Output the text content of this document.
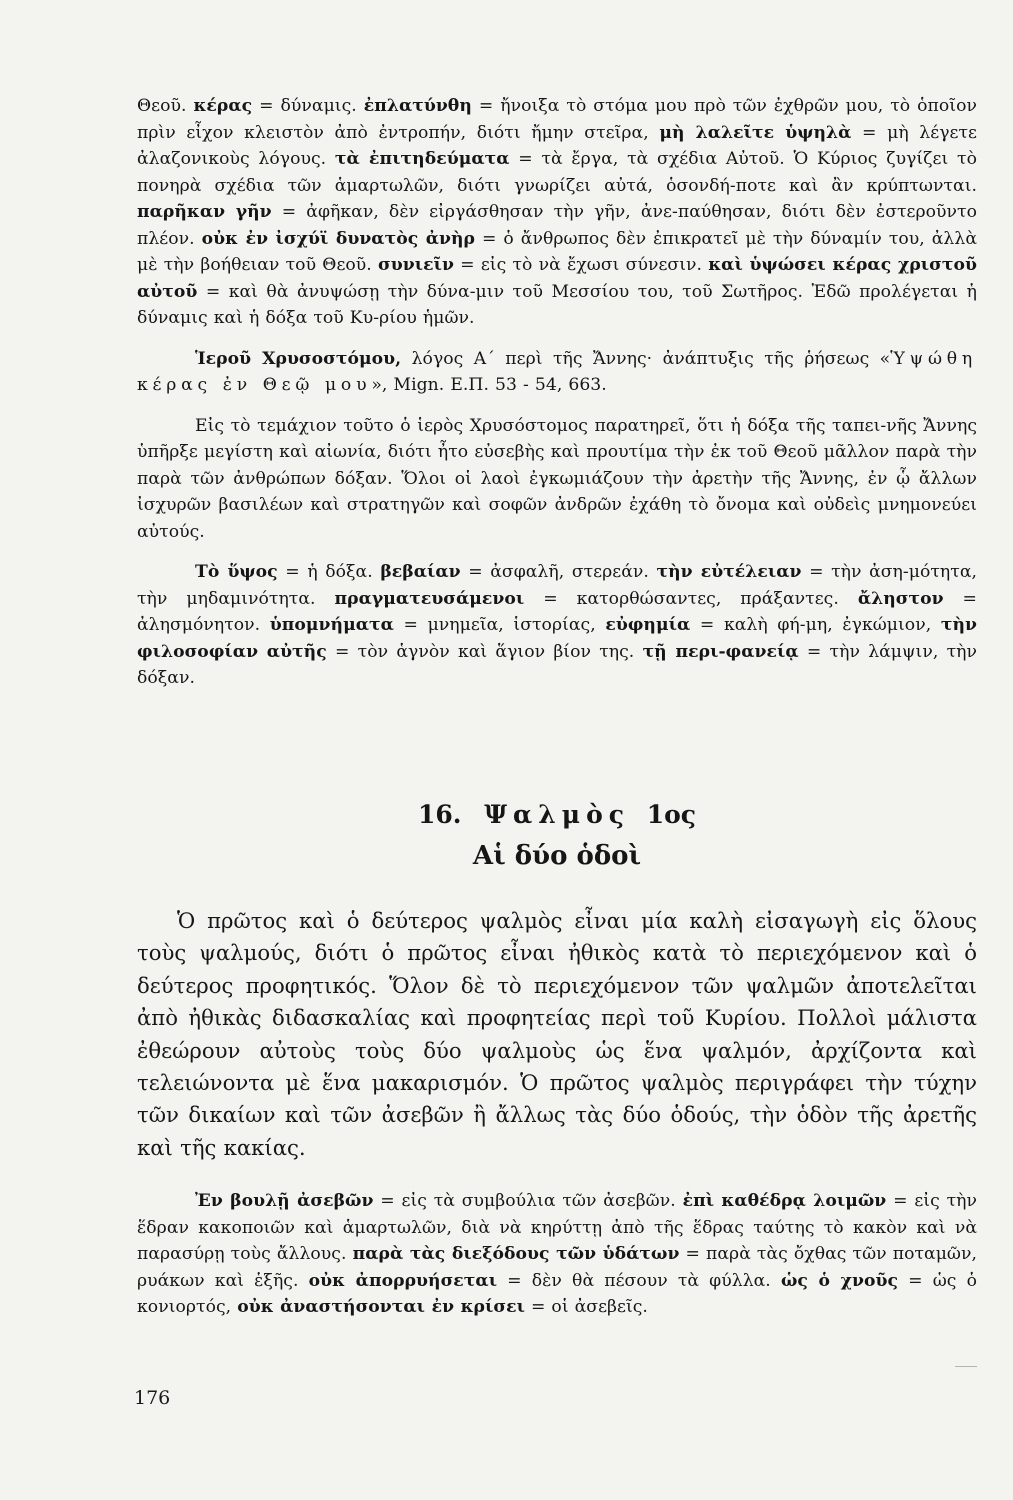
Θεοῦ. κέρας = δύναμις. ἐπλατύνθη = ἤνοιξα τὸ στόμα μου πρὸ τῶν ἐχθρῶν μου, τὸ ὁποῖον πρὶν εἶχον κλειστὸν ἀπὸ ἐντροπήν, διότι ἤμην στεῖρα, μὴ λαλεῖτε ὑψηλὰ = μὴ λέγετε ἀλαζονικοὺς λόγους. τὰ ἐπιτηδεύματα = τὰ ἔργα, τὰ σχέδια Αὐτοῦ. Ὁ Κύριος ζυγίζει τὸ πονηρὰ σχέδια τῶν ἁμαρτωλῶν, διότι γνωρίζει αὐτά, ὁσονδή-ποτε καὶ ἂν κρύπτωνται. παρῆκαν γῆν = ἀφῆκαν, δὲν εἰργάσθησαν τὴν γῆν, ἀνε-παύθησαν, διότι δὲν ἐστεροῦντο πλέον. οὐκ ἐν ἰσχύϊ δυνατὸς ἀνὴρ = ὁ ἄνθρωπος δὲν ἐπικρατεῖ μὲ τὴν δύναμίν του, ἀλλὰ μὲ τὴν βοήθειαν τοῦ Θεοῦ. συνιεῖν = εἰς τὸ νὰ ἔχωσι σύνεσιν. καὶ ὑψώσει κέρας χριστοῦ αὐτοῦ = καὶ θὰ ἀνυψώσῃ τὴν δύνα-μιν τοῦ Μεσσίου του, τοῦ Σωτῆρος. Ἐδῶ προλέγεται ἡ δύναμις καὶ ἡ δόξα τοῦ Κυ-ρίου ἡμῶν.

Ἱεροῦ Χρυσοστόμου, λόγος Α΄ περὶ τῆς Ἄννης· ἀνάπτυξις τῆς ῥήσεως «Ὑψώθη κέρας ἐν Θεῷ μου», Mign. E.Π. 53 - 54, 663.

Εἰς τὸ τεμάχιον τοῦτο ὁ ἱερὸς Χρυσόστομος παρατηρεῖ, ὅτι ἡ δόξα τῆς ταπει-νῆς Ἄννης ὑπῆρξε μεγίστη καὶ αἰωνία, διότι ἦτο εὐσεβὴς καὶ προυτίμα τὴν ἐκ τοῦ Θεοῦ μᾶλλον παρὰ τὴν παρὰ τῶν ἀνθρώπων δόξαν. Ὅλοι οἱ λαοὶ ἐγκωμιάζουν τὴν ἀρετὴν τῆς Ἄννης, ἐν ᾧ ἄλλων ἰσχυρῶν βασιλέων καὶ στρατηγῶν καὶ σοφῶν ἀνδρῶν ἐχάθη τὸ ὄνομα καὶ οὐδεὶς μνημονεύει αὐτούς.

Τὸ ὕψος = ἡ δόξα. βεβαίαν = ἀσφαλῆ, στερεάν. τὴν εὐτέλειαν = τὴν ἀση-μότητα, τὴν μηδαμινότητα. πραγματευσάμενοι = κατορθώσαντες, πράξαντες. ἄληστον = ἀλησμόνητον. ὑπομνήματα = μνημεῖα, ἱστορίας, εὐφημία = καλὴ φή-μη, ἐγκώμιον, τὴν φιλοσοφίαν αὐτῆς = τὸν ἁγνὸν καὶ ἅγιον βίον της. τῇ περι-φανείᾳ = τὴν λάμψιν, τὴν δόξαν.

16. Ψαλμὸς 1ος
Αἱ δύο ὁδοὶ

Ὁ πρῶτος καὶ ὁ δεύτερος ψαλμὸς εἶναι μία καλὴ εἰσαγωγὴ εἰς ὅλους τοὺς ψαλμούς, διότι ὁ πρῶτος εἶναι ἠθικὸς κατὰ τὸ περιεχόμενον καὶ ὁ δεύτερος προφητικός. Ὅλον δὲ τὸ περιεχόμενον τῶν ψαλμῶν ἀποτελεῖται ἀπὸ ἠθικὰς διδασκαλίας καὶ προφητείας περὶ τοῦ Κυρίου. Πολλοὶ μάλιστα ἐθεώρουν αὐτοὺς τοὺς δύο ψαλμοὺς ὡς ἕνα ψαλμόν, ἀρχίζοντα καὶ τελειώνοντα μὲ ἕνα μακαρισμόν. Ὁ πρῶτος ψαλμὸς περιγράφει τὴν τύχην τῶν δικαίων καὶ τῶν ἀσεβῶν ἢ ἄλλως τὰς δύο ὁδούς, τὴν ὁδὸν τῆς ἀρετῆς καὶ τῆς κακίας.

Ἐν βουλῇ ἀσεβῶν = εἰς τὰ συμβούλια τῶν ἀσεβῶν. ἐπὶ καθέδρᾳ λοιμῶν = εἰς τὴν ἕδραν κακοποιῶν καὶ ἁμαρτωλῶν, διὰ νὰ κηρύττῃ ἀπὸ τῆς ἕδρας ταύτης τὸ κακὸν καὶ νὰ παρασύρῃ τοὺς ἄλλους. παρὰ τὰς διεξόδους τῶν ὑδάτων = παρὰ τὰς ὄχθας τῶν ποταμῶν, ρυάκων καὶ ἑξῆς. οὐκ ἀπορρυήσεται = δὲν θὰ πέσουν τὰ φύλλα. ὡς ὁ χνοῦς = ὡς ὁ κονιορτός, οὐκ ἀναστήσονται ἐν κρίσει = οἱ ἀσεβεῖς.

176
